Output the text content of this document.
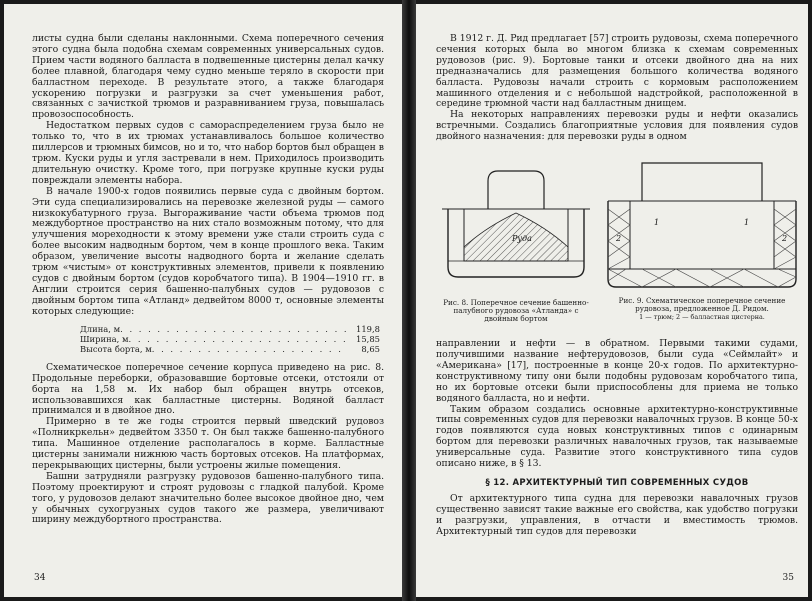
листы судна были сделаны наклонными. Схема поперечного сечения этого судна была подобна схемам современных универсальных судов. Прием части водяного балласта в подвешенные цистерны делал качку более плавной, благодаря чему судно меньше теряло в скорости при балластном переходе. В результате этого, а также благодаря ускорению погрузки и разгрузки за счет уменьшения работ, связанных с зачисткой трюмов и разравниванием груза, повышалась провозоспособность.

Недостатком первых судов с самораспределением груза было не только то, что в их трюмах устанавливалось большое количество пиллерсов и трюмных бимсов, но и то, что набор бортов был обращен в трюм. Куски руды и угля застревали в нем. Приходилось производить длительную очистку. Кроме того, при погрузке крупные куски руды повреждали элементы набора.

В начале 1900-х годов появились первые суда с двойным бортом. Эти суда специализировались на перевозке железной руды — самого низкокубатурного груза. Выгораживание части объема трюмов под междубортное пространство на них стало возможным потому, что для улучшения мореходности к этому времени уже стали строить суда с более высоким надводным бортом, чем в конце прошлого века. Таким образом, увеличение высоты надводного борта и желание сделать трюм «чистым» от конструктивных элементов, привели к появлению судов с двойным бортом (судов коробчатого типа). В 1904—1910 гг. в Англии строится серия башенно-палубных судов — рудовозов с двойным бортом типа «Атланд» дедвейтом 8000 т, основные элементы которых следующие:

Длина, м . . . . . . . . . . . . . . . . . . . . . . . . . 119,8
Ширина, м . . . . . . . . . . . . . . . . . . . . . . . . 15,85
Высота борта, м . . . . . . . . . . . . . . . . . . . . .	8,65

Схематическое поперечное сечение корпуса приведено на рис. 8. Продольные переборки, образовавшие бортовые отсеки, отстояли от борта на 1,58 м. Их набор был обращен внутрь отсеков, использовавшихся как балластные цистерны. Водяной балласт принимался и в двойное дно.

Примерно в те же годы строится первый шведский рудовоз «Полникркельн» дедвейтом 3350 т. Он был также башенно-палубного типа. Машинное отделение располагалось в корме. Балластные цистерны занимали нижнюю часть бортовых отсеков. На платформах, перекрывающих цистерны, были устроены жилые помещения.

Башни затрудняли разгрузку рудовозов башенно-палубного типа. Поэтому проектируют и строят рудовозы с гладкой палубой. Кроме того, у рудовозов делают значительно более высокое двойное дно, чем у обычных сухогрузных судов такого же размера, увеличивают ширину междубортного пространства.

34

В 1912 г. Д. Рид предлагает [57] строить рудовозы, схема поперечного сечения которых была во многом близка к схемам современных рудовозов (рис. 9). Бортовые танки и отсеки двойного дна на них предназначались для размещения большого количества водяного балласта. Рудовозы начали строить с кормовым расположением машинного отделения и с небольшой надстройкой, расположенной в середине трюмной части над балластным днищем.

На некоторых направлениях перевозки руды и нефти оказались встречными. Создались благоприятные условия для появления судов двойного назначения: для перевозки руды в одном

Руда
Рис. 8. Поперечное сечение башенно-палубного рудовоза «Атланда» с двойным бортом
1
2	2
1
Рис. 9. Схематическое поперечное сечение рудовоза, предложенное Д. Ридом.
1 — трюм; 2 — балластная цистерна.

направлении и нефти — в обратном. Первыми такими судами, получившими название нефтерудовозов, были суда «Сеймлайт» и «Американа» [17], построенные в конце 20-х годов. По архитектурно-конструктивному типу они были подобны рудовозам коробчатого типа, но их бортовые отсеки были приспособлены для приема не только водяного балласта, но и нефти.

Таким образом создались основные архитектурно-конструктивные типы современных судов для перевозки навалочных грузов. В конце 50-х годов появляются суда новых конструктивных типов с одинарным бортом для перевозки различных навалочных грузов, так называемые универсальные суда. Развитие этого конструктивного типа судов описано ниже, в § 13.

§ 12. АРХИТЕКТУРНЫЙ ТИП СОВРЕМЕННЫХ СУДОВ

От архитектурного типа судна для перевозки навалочных грузов существенно зависят такие важные его свойства, как удобство погрузки и разгрузки, управления, в отчасти и вместимость трюмов. Архитектурный тип судов для перевозки

35
